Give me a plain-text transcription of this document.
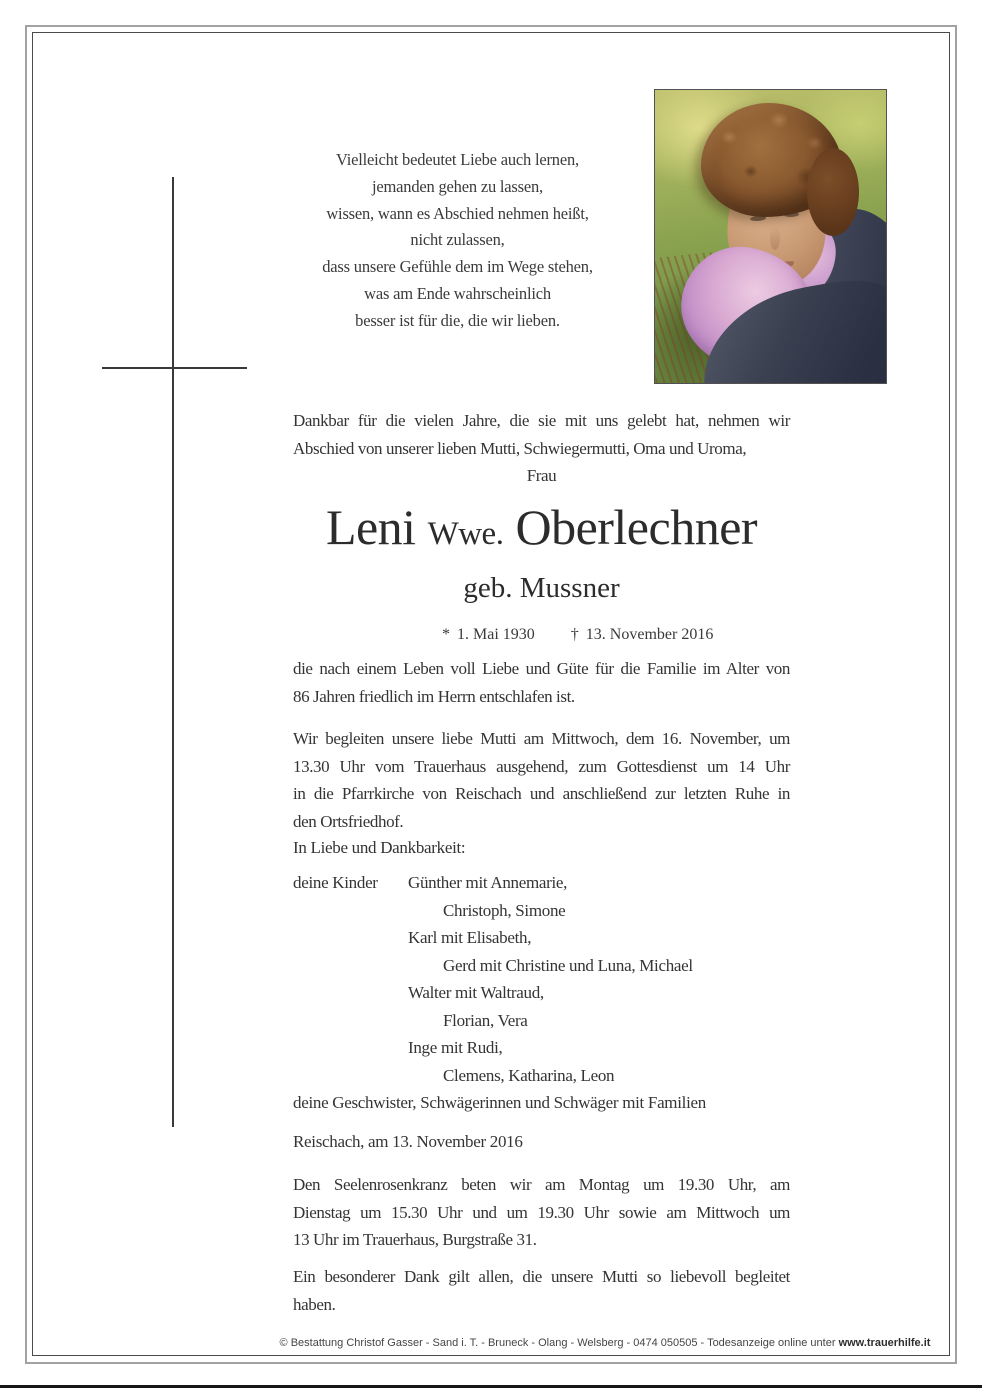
Vielleicht bedeutet Liebe auch lernen,
jemanden gehen zu lassen,
wissen, wann es Abschied nehmen heißt,
nicht zulassen,
dass unsere Gefühle dem im Wege stehen,
was am Ende wahrscheinlich
besser ist für die, die wir lieben.
Dankbar für die vielen Jahre, die sie mit uns gelebt hat, nehmen wir
Abschied von unserer lieben Mutti, Schwiegermutti, Oma und Uroma,
Frau
Leni Wwe. Oberlechner
geb. Mussner
* 1. Mai 1930 † 13. November 2016
die nach einem Leben voll Liebe und Güte für die Familie im Alter von
86 Jahren friedlich im Herrn entschlafen ist.
Wir begleiten unsere liebe Mutti am Mittwoch, dem 16. November, um
13.30 Uhr vom Trauerhaus ausgehend, zum Gottesdienst um 14 Uhr
in die Pfarrkirche von Reischach und anschließend zur letzten Ruhe in
den Ortsfriedhof.
In Liebe und Dankbarkeit:
deine Kinder Günther mit Annemarie,
Christoph, Simone
Karl mit Elisabeth,
Gerd mit Christine und Luna, Michael
Walter mit Waltraud,
Florian, Vera
Inge mit Rudi,
Clemens, Katharina, Leon
deine Geschwister, Schwägerinnen und Schwäger mit Familien
Reischach, am 13. November 2016
Den Seelenrosenkranz beten wir am Montag um 19.30 Uhr, am
Dienstag um 15.30 Uhr und um 19.30 Uhr sowie am Mittwoch um
13 Uhr im Trauerhaus, Burgstraße 31.
Ein besonderer Dank gilt allen, die unsere Mutti so liebevoll begleitet
haben.
© Bestattung Christof Gasser - Sand i. T. - Bruneck - Olang - Welsberg - 0474 050505 - Todesanzeige online unter www.trauerhilfe.it
